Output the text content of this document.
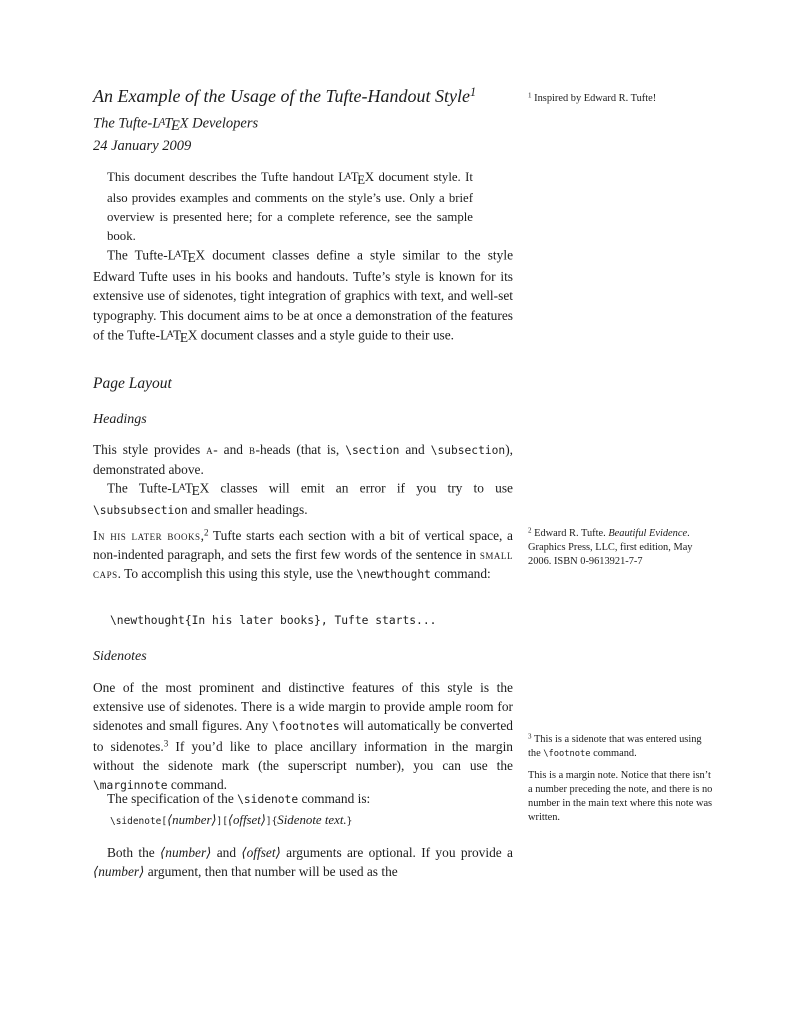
An Example of the Usage of the Tufte-Handout Style$^1$
The Tufte-LATEX Developers
24 January 2009
This document describes the Tufte handout LATEX document style. It also provides examples and comments on the style’s use. Only a brief overview is presented here; for a complete reference, see the sample book.
The Tufte-LATEX document classes define a style similar to the style Edward Tufte uses in his books and handouts. Tufte’s style is known for its extensive use of sidenotes, tight integration of graphics with text, and well-set typography. This document aims to be at once a demonstration of the features of the Tufte-LATEX document classes and a style guide to their use.
Page Layout
Headings
This style provides a- and b-heads (that is, \section and \subsection), demonstrated above.
The Tufte-LATEX classes will emit an error if you try to use \subsubsection and smaller headings.
In his later books,$^2$ Tufte starts each section with a bit of vertical space, a non-indented paragraph, and sets the first few words of the sentence in small caps. To accomplish this using this style, use the \newthought command:
\newthought{In his later books}, Tufte starts...
Sidenotes
One of the most prominent and distinctive features of this style is the extensive use of sidenotes. There is a wide margin to provide ample room for sidenotes and small figures. Any \footnotes will automatically be converted to sidenotes.$^3$ If you’d like to place ancillary information in the margin without the sidenote mark (the superscript number), you can use the \marginnote command.
The specification of the \sidenote command is:
\sidenote[⟨number⟩][⟨offset⟩]{Sidenote text.}
Both the ⟨number⟩ and ⟨offset⟩ arguments are optional. If you provide a ⟨number⟩ argument, then that number will be used as the
$^1$ Inspired by Edward R. Tufte!
$^2$ Edward R. Tufte. Beautiful Evidence. Graphics Press, LLC, first edition, May 2006. ISBN 0-9613921-7-7
$^3$ This is a sidenote that was entered using the \footnote command.
This is a margin note. Notice that there isn’t a number preceding the note, and there is no number in the main text where this note was written.
